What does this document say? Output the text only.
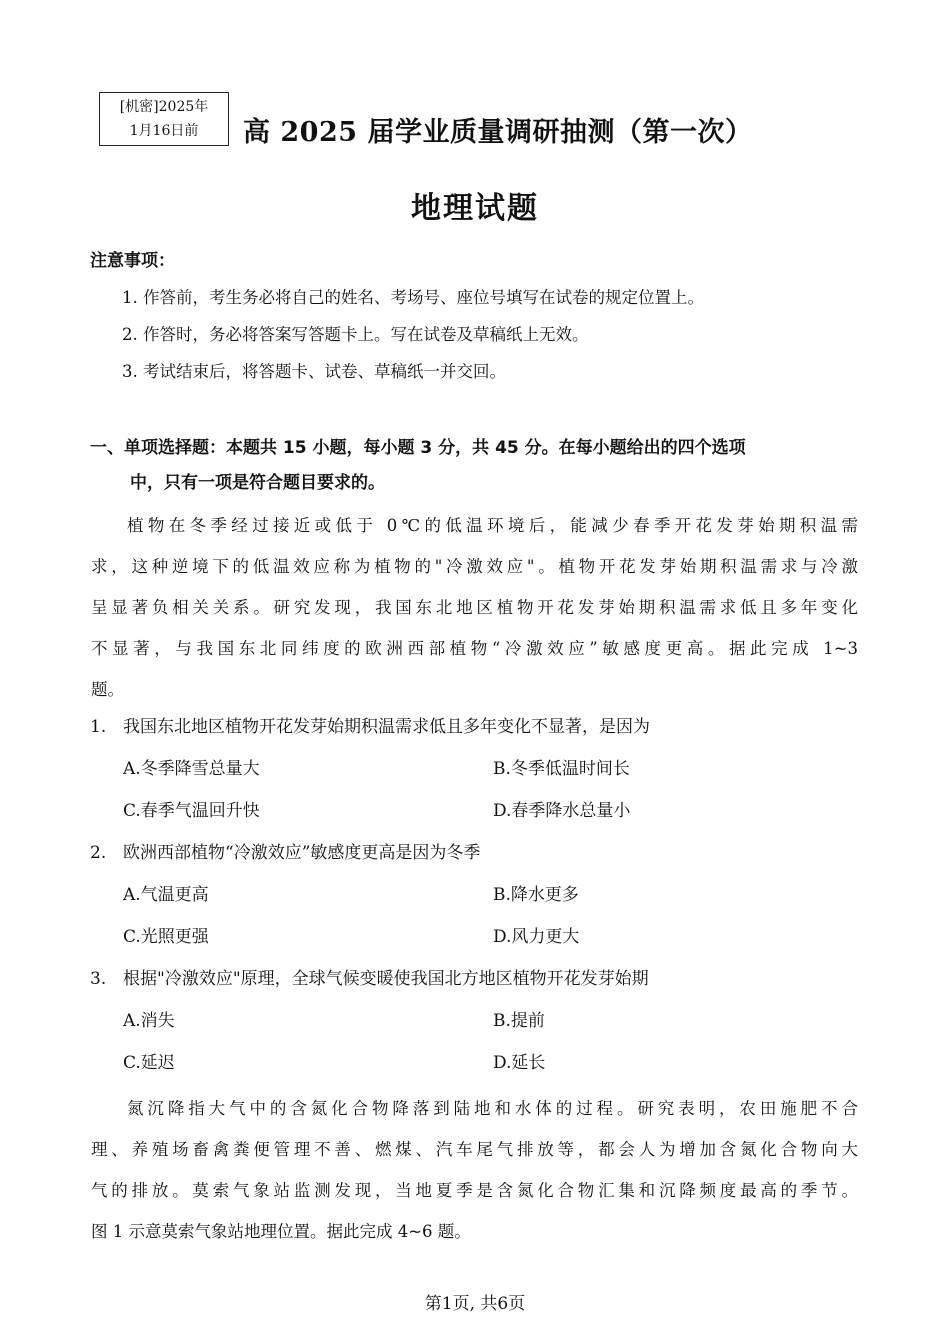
[机密]2025年
1月16日前	高 2025 届学业质量调研抽测（第一次）
地理试题
注意事项：
1. 作答前，考生务必将自己的姓名、考场号、座位号填写在试卷的规定位置上。
2. 作答时，务必将答案写答题卡上。写在试卷及草稿纸上无效。
3. 考试结束后，将答题卡、试卷、草稿纸一并交回。
一、单项选择题：本题共 15 小题，每小题 3 分，共 45 分。在每小题给出的四个选项
中，只有一项是符合题目要求的。
植物在冬季经过接近或低于 0℃的低温环境后，能减少春季开花发芽始期积温需
求，这种逆境下的低温效应称为植物的"冷激效应"。植物开花发芽始期积温需求与冷激
呈显著负相关关系。研究发现，我国东北地区植物开花发芽始期积温需求低且多年变化
不显著，与我国东北同纬度的欧洲西部植物“冷激效应”敏感度更高。据此完成 1~3
题。
1. 我国东北地区植物开花发芽始期积温需求低且多年变化不显著，是因为
A.冬季降雪总量大	B.冬季低温时间长
C.春季气温回升快	D.春季降水总量小
2. 欧洲西部植物“冷激效应”敏感度更高是因为冬季
A.气温更高	B.降水更多
C.光照更强	D.风力更大
3. 根据"冷激效应"原理，全球气候变暖使我国北方地区植物开花发芽始期
A.消失	B.提前
C.延迟	D.延长
氮沉降指大气中的含氮化合物降落到陆地和水体的过程。研究表明，农田施肥不合
理、养殖场畜禽粪便管理不善、燃煤、汽车尾气排放等，都会人为增加含氮化合物向大
气的排放。莫索气象站监测发现，当地夏季是含氮化合物汇集和沉降频度最高的季节。
图 1 示意莫索气象站地理位置。据此完成 4~6 题。
第1页, 共6页
